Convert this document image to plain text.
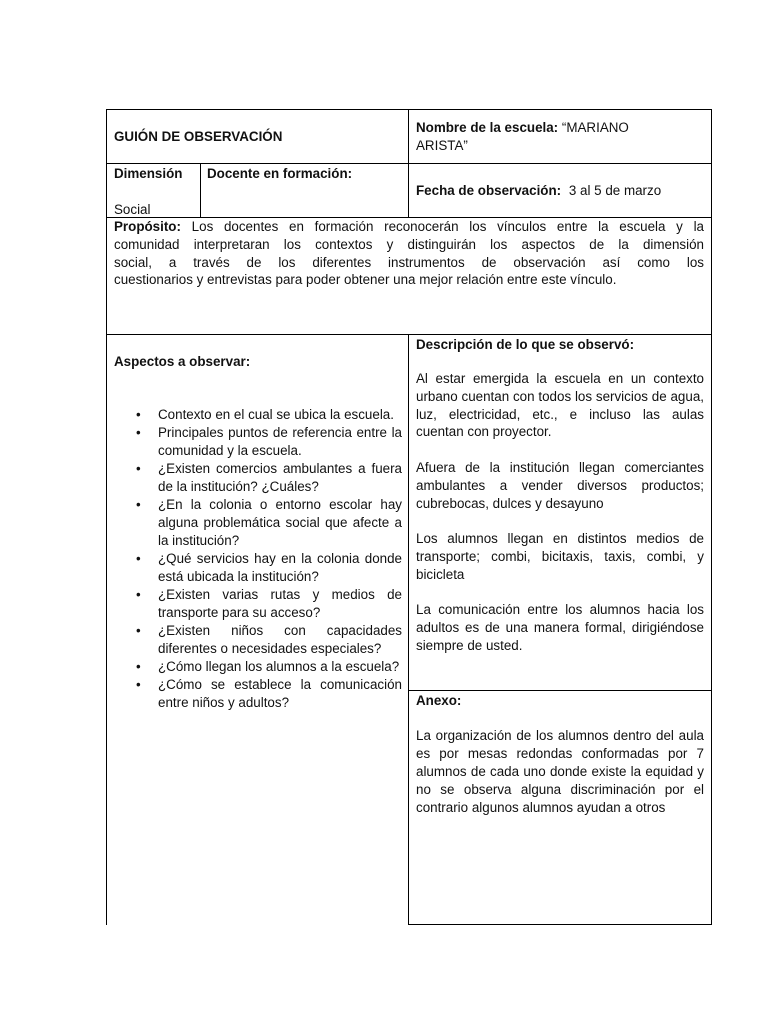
GUIÓN DE OBSERVACIÓN
Nombre de la escuela: “MARIANO
ARISTA”
Dimensión
Social
Docente en formación:
Fecha de observación: 3 al 5 de marzo
Propósito: Los docentes en formación reconocerán los vínculos entre la escuela y la
comunidad interpretaran los contextos y distinguirán los aspectos de la dimensión
social, a través de los diferentes instrumentos de observación así como los
cuestionarios y entrevistas para poder obtener una mejor relación entre este vínculo.
Aspectos a observar:
• Contexto en el cual se ubica la escuela.
• Principales puntos de referencia entre la comunidad y la escuela.
• ¿Existen comercios ambulantes a fuera de la institución? ¿Cuáles?
• ¿En la colonia o entorno escolar hay alguna problemática social que afecte a la institución?
• ¿Qué servicios hay en la colonia donde está ubicada la institución?
• ¿Existen varias rutas y medios de transporte para su acceso?
• ¿Existen niños con capacidades diferentes o necesidades especiales?
• ¿Cómo llegan los alumnos a la escuela?
• ¿Cómo se establece la comunicación entre niños y adultos?
Descripción de lo que se observó:

Al estar emergida la escuela en un contexto urbano cuentan con todos los servicios de agua, luz, electricidad, etc., e incluso las aulas cuentan con proyector.

Afuera de la institución llegan comerciantes ambulantes a vender diversos productos; cubrebocas, dulces y desayuno

Los alumnos llegan en distintos medios de transporte; combi, bicitaxis, taxis, combi, y bicicleta

La comunicación entre los alumnos hacia los adultos es de una manera formal, dirigiéndose siempre de usted.

Anexo:
La organización de los alumnos dentro del aula es por mesas redondas conformadas por 7 alumnos de cada uno donde existe la equidad y no se observa alguna discriminación por el contrario algunos alumnos ayudan a otros
